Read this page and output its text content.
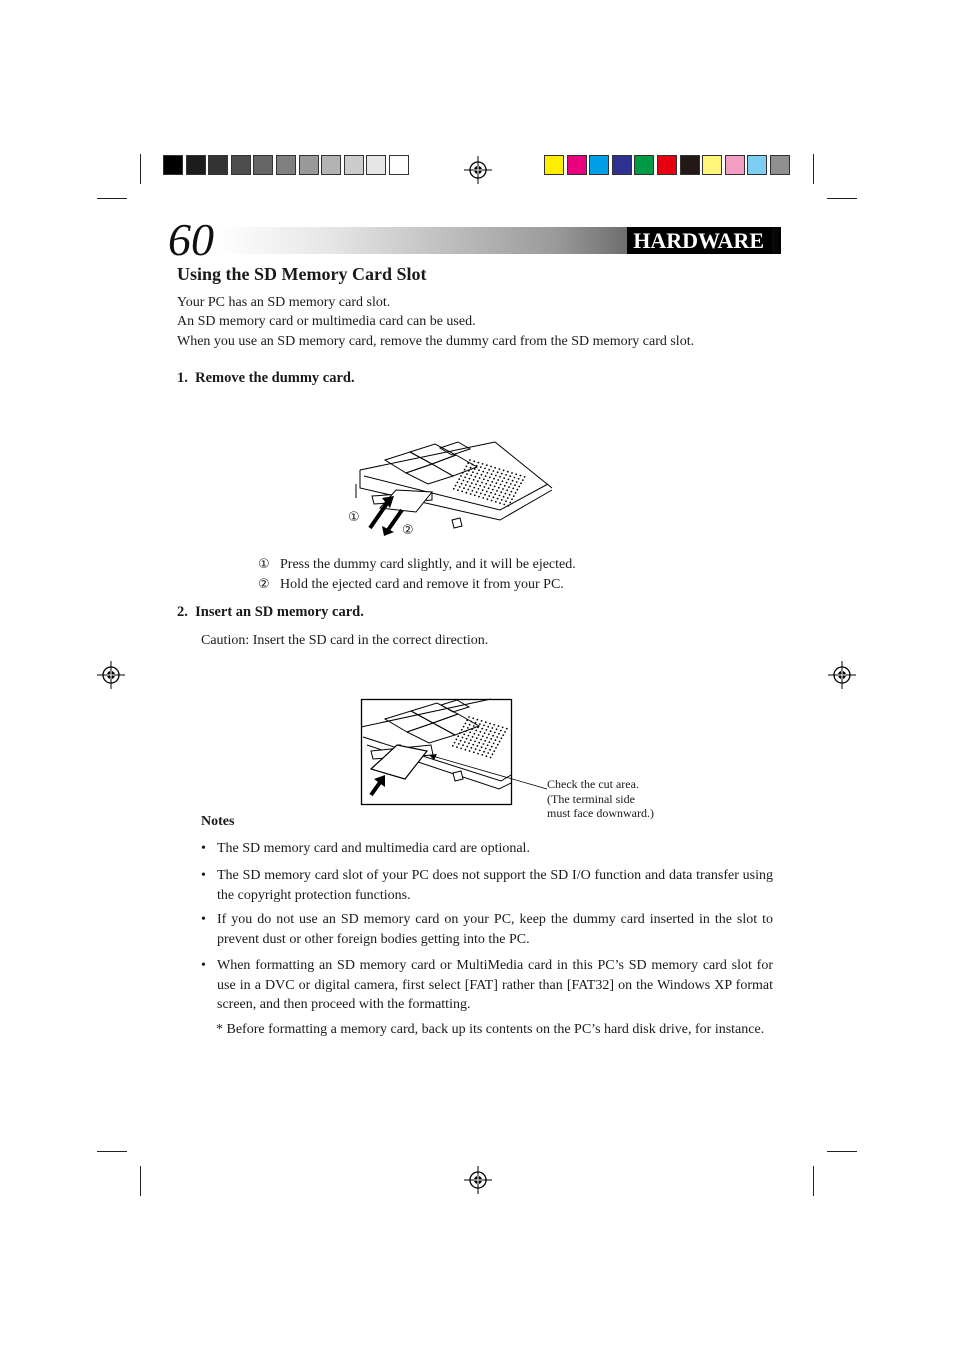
60	HARDWARE
Using the SD Memory Card Slot
Your PC has an SD memory card slot.
An SD memory card or multimedia card can be used.
When you use an SD memory card, remove the dummy card from the SD memory card slot.
1.  Remove the dummy card.
①
②
① Press the dummy card slightly, and it will be ejected.
② Hold the ejected card and remove it from your PC.
2.  Insert an SD memory card.
Caution: Insert the SD card in the correct direction.
Check the cut area.
(The terminal side
must face downward.)
Notes
• The SD memory card and multimedia card are optional.
• The SD memory card slot of your PC does not support the SD I/O function and data transfer using the copyright protection functions.
• If you do not use an SD memory card on your PC, keep the dummy card inserted in the slot to prevent dust or other foreign bodies getting into the PC.
• When formatting an SD memory card or MultiMedia card in this PC’s SD memory card slot for use in a DVC or digital camera, first select [FAT] rather than [FAT32] on the Windows XP format screen, and then proceed with the formatting.
* Before formatting a memory card, back up its contents on the PC’s hard disk drive, for instance.
